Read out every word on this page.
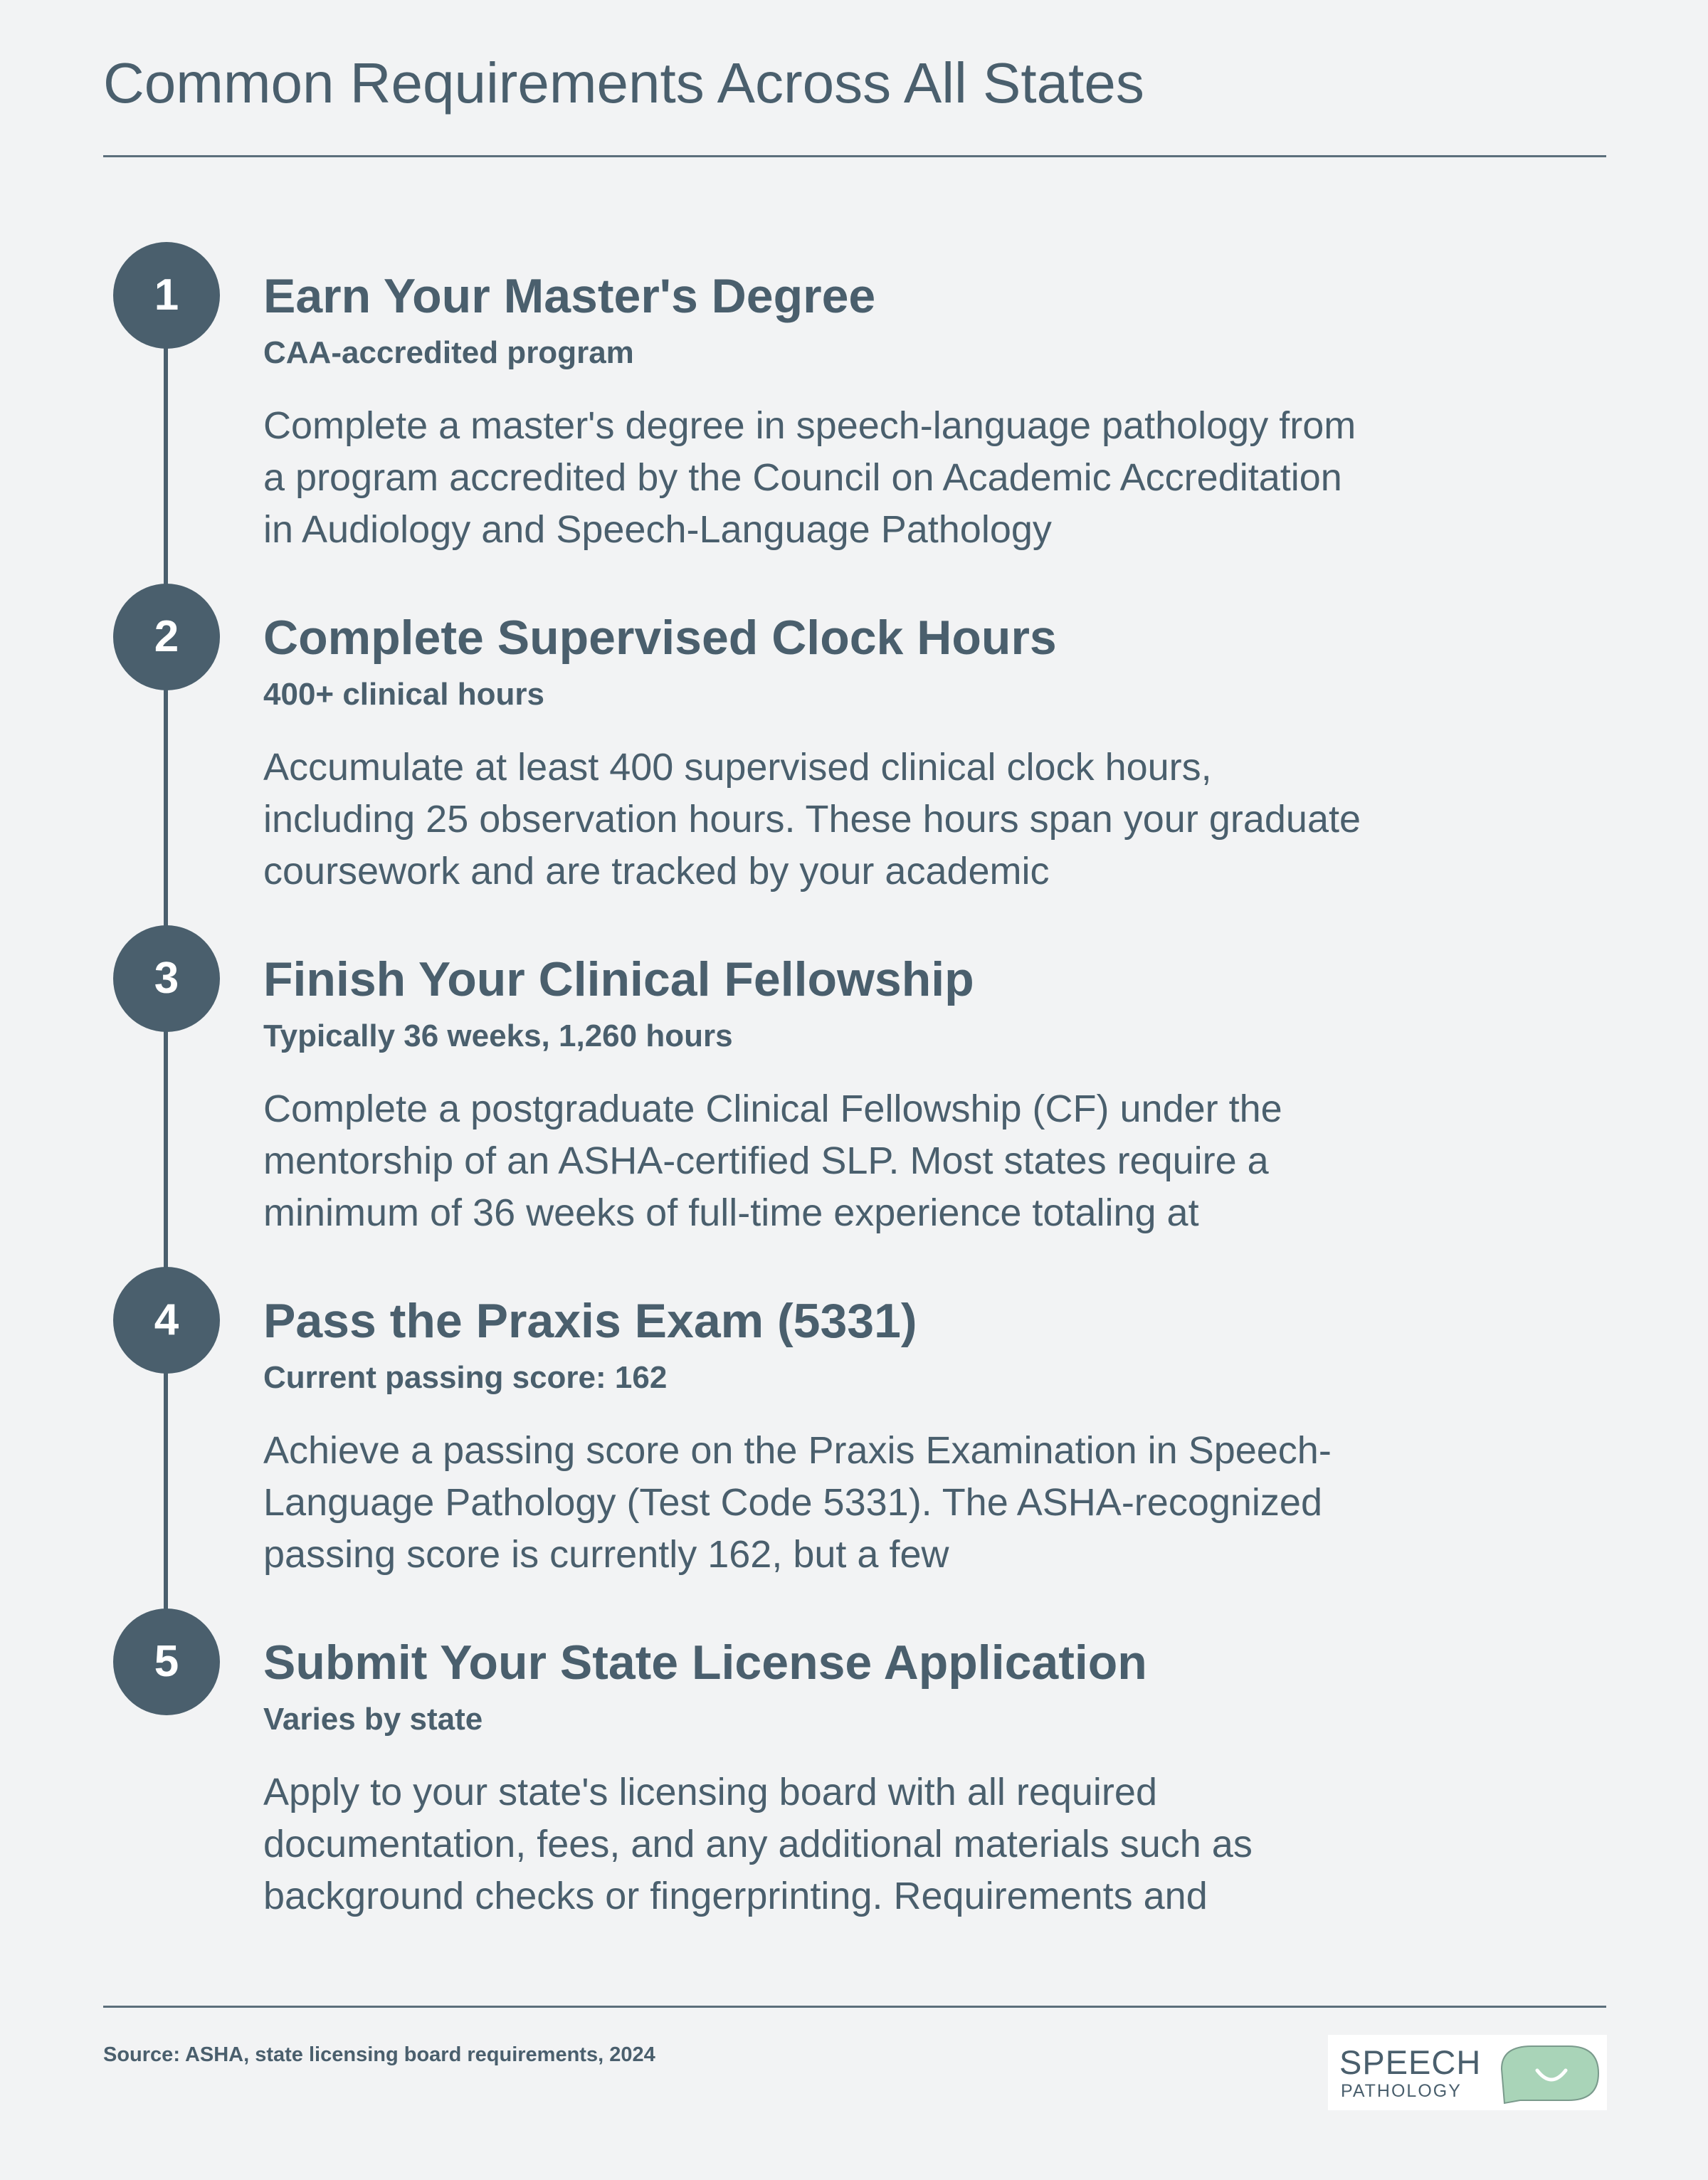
Common Requirements Across All States
1	Earn Your Master's Degree

CAA-accredited program

Complete a master's degree in speech-language pathology from a program accredited by the Council on Academic Accreditation in Audiology and Speech-Language Pathology

2	Complete Supervised Clock Hours

400+ clinical hours

Accumulate at least 400 supervised clinical clock hours, including 25 observation hours. These hours span your graduate coursework and are tracked by your academic

3	Finish Your Clinical Fellowship

Typically 36 weeks, 1,260 hours

Complete a postgraduate Clinical Fellowship (CF) under the mentorship of an ASHA-certified SLP. Most states require a minimum of 36 weeks of full-time experience totaling at

4	Pass the Praxis Exam (5331)

Current passing score: 162

Achieve a passing score on the Praxis Examination in Speech-Language Pathology (Test Code 5331). The ASHA-recognized passing score is currently 162, but a few

5	Submit Your State License Application

Varies by state

Apply to your state's licensing board with all required documentation, fees, and any additional materials such as background checks or fingerprinting. Requirements and

Source: ASHA, state licensing board requirements, 2024	SPEECH
PATHOLOGY
